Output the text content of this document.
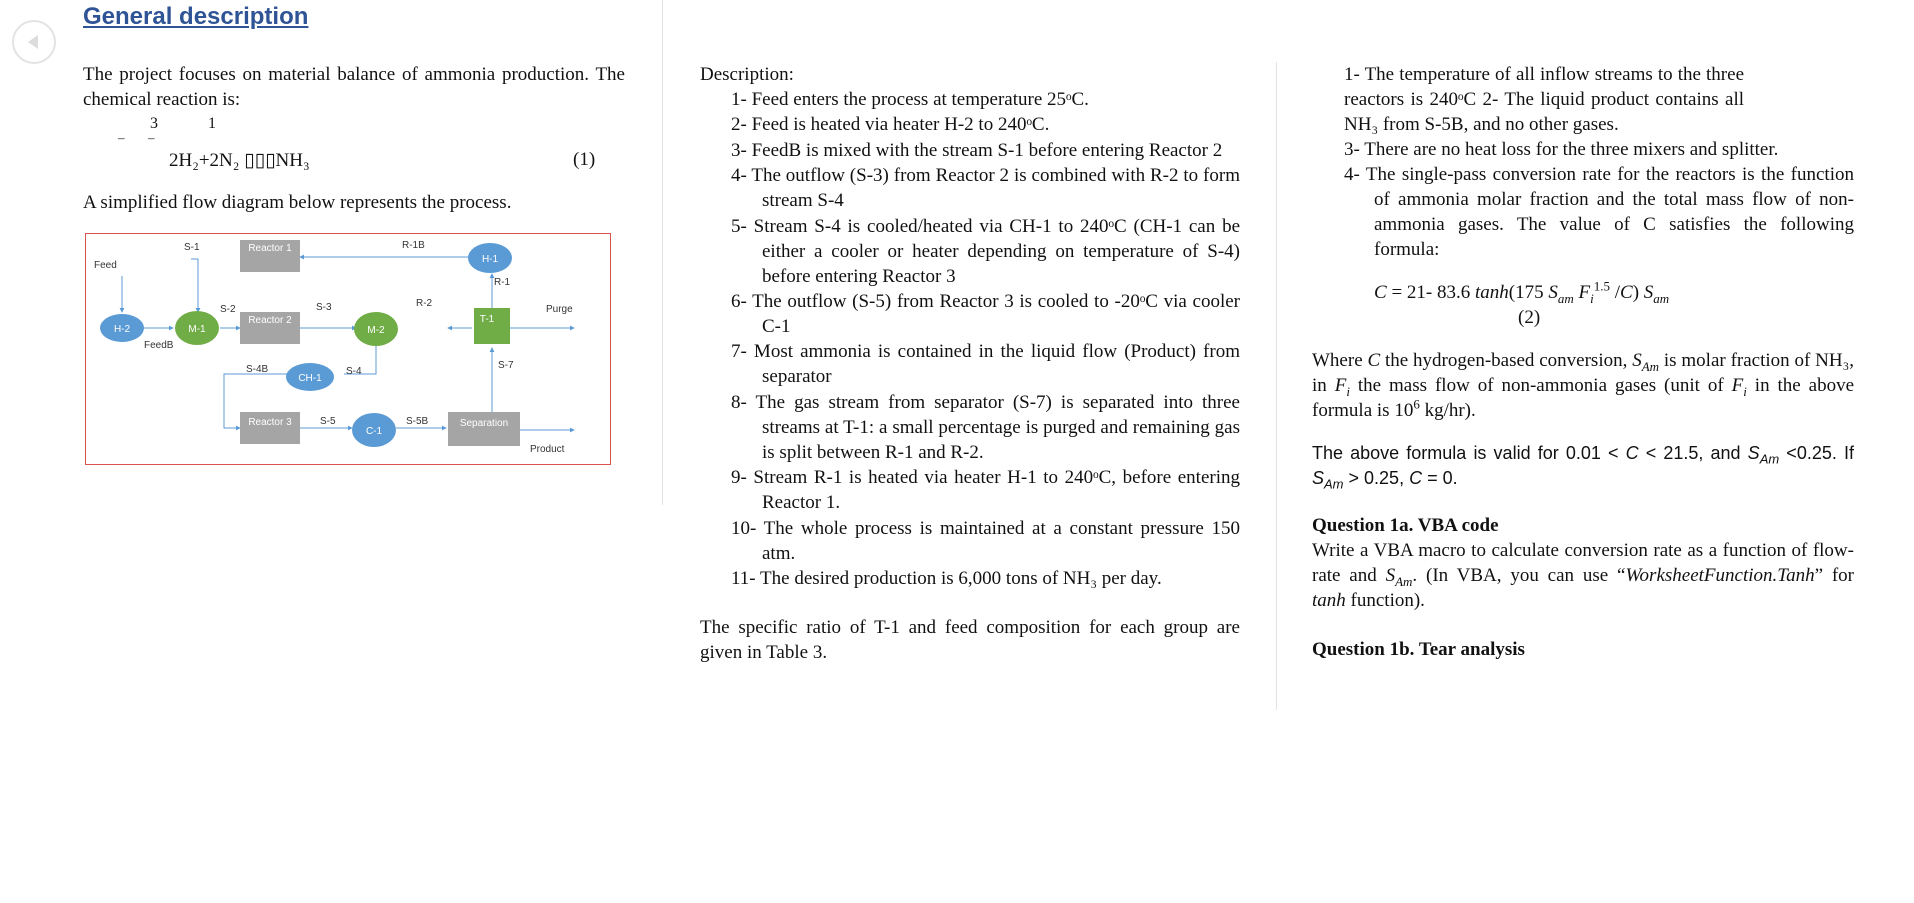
General description

The project focuses on material balance of ammonia production. The chemical reaction is:

3	1
– –
2H₂+2N₂ ▯▯▯NH₃	(1)

A simplified flow diagram below represents the process.

Reactor 1
Reactor 2
Reactor 3	Separation
T-1
H-1
H-2	M-1	M-2
CH-1
C-1
Feed
FeedB
S-1
S-2	S-3
R-1B
R-1
R-2
Purge
S-4B	S-4
S-7
S-5	S-5B
Product

Description:

1- Feed enters the process at temperature 25ᵒC.
2- Feed is heated via heater H-2 to 240ᵒC.
3- FeedB is mixed with the stream S-1 before entering Reactor 2
4- The outflow (S-3) from Reactor 2 is combined with R-2 to form stream S-4
5- Stream S-4 is cooled/heated via CH-1 to 240ᵒC (CH-1 can be either a cooler or heater depending on temperature of S-4) before entering Reactor 3
6- The outflow (S-5) from Reactor 3 is cooled to -20ᵒC via cooler C-1
7- Most ammonia is contained in the liquid flow (Product) from separator
8- The gas stream from separator (S-7) is separated into three streams at T-1: a small percentage is purged and remaining gas is split between R-1 and R-2.
9- Stream R-1 is heated via heater H-1 to 240ᵒC, before entering Reactor 1.
10- The whole process is maintained at a constant pressure 150 atm.
11- The desired production is 6,000 tons of NH₃ per day.

The specific ratio of T-1 and feed composition for each group are given in Table 3.

1- The temperature of all inflow streams to the three reactors is 240ᵒC 2- The liquid product contains all NH₃ from S-5B, and no other gases.
3- There are no heat loss for the three mixers and splitter.
4- The single-pass conversion rate for the reactors is the function of ammonia molar fraction and the total mass flow of non-ammonia gases. The value of C satisfies the following formula:
C = 21- 83.6 tanh(175 $S_{am}$ $F_i^{1.5}$ /C) $S_{am}$
(2)

Where C the hydrogen-based conversion, $S_{Am}$ is molar fraction of NH₃, in $F_i$ the mass flow of non-ammonia gases (unit of $F_i$ in the above formula is $10^6$ kg/hr).

The above formula is valid for 0.01 < C < 21.5, and $S_{Am} <0.25$. If $S_{Am} > 0.25$, C = 0.

Question 1a. VBA code

Write a VBA macro to calculate conversion rate as a function of flow-rate and $S_{Am}$. (In VBA, you can use “WorksheetFunction.Tanh” for tanh function).

Question 1b. Tear analysis
